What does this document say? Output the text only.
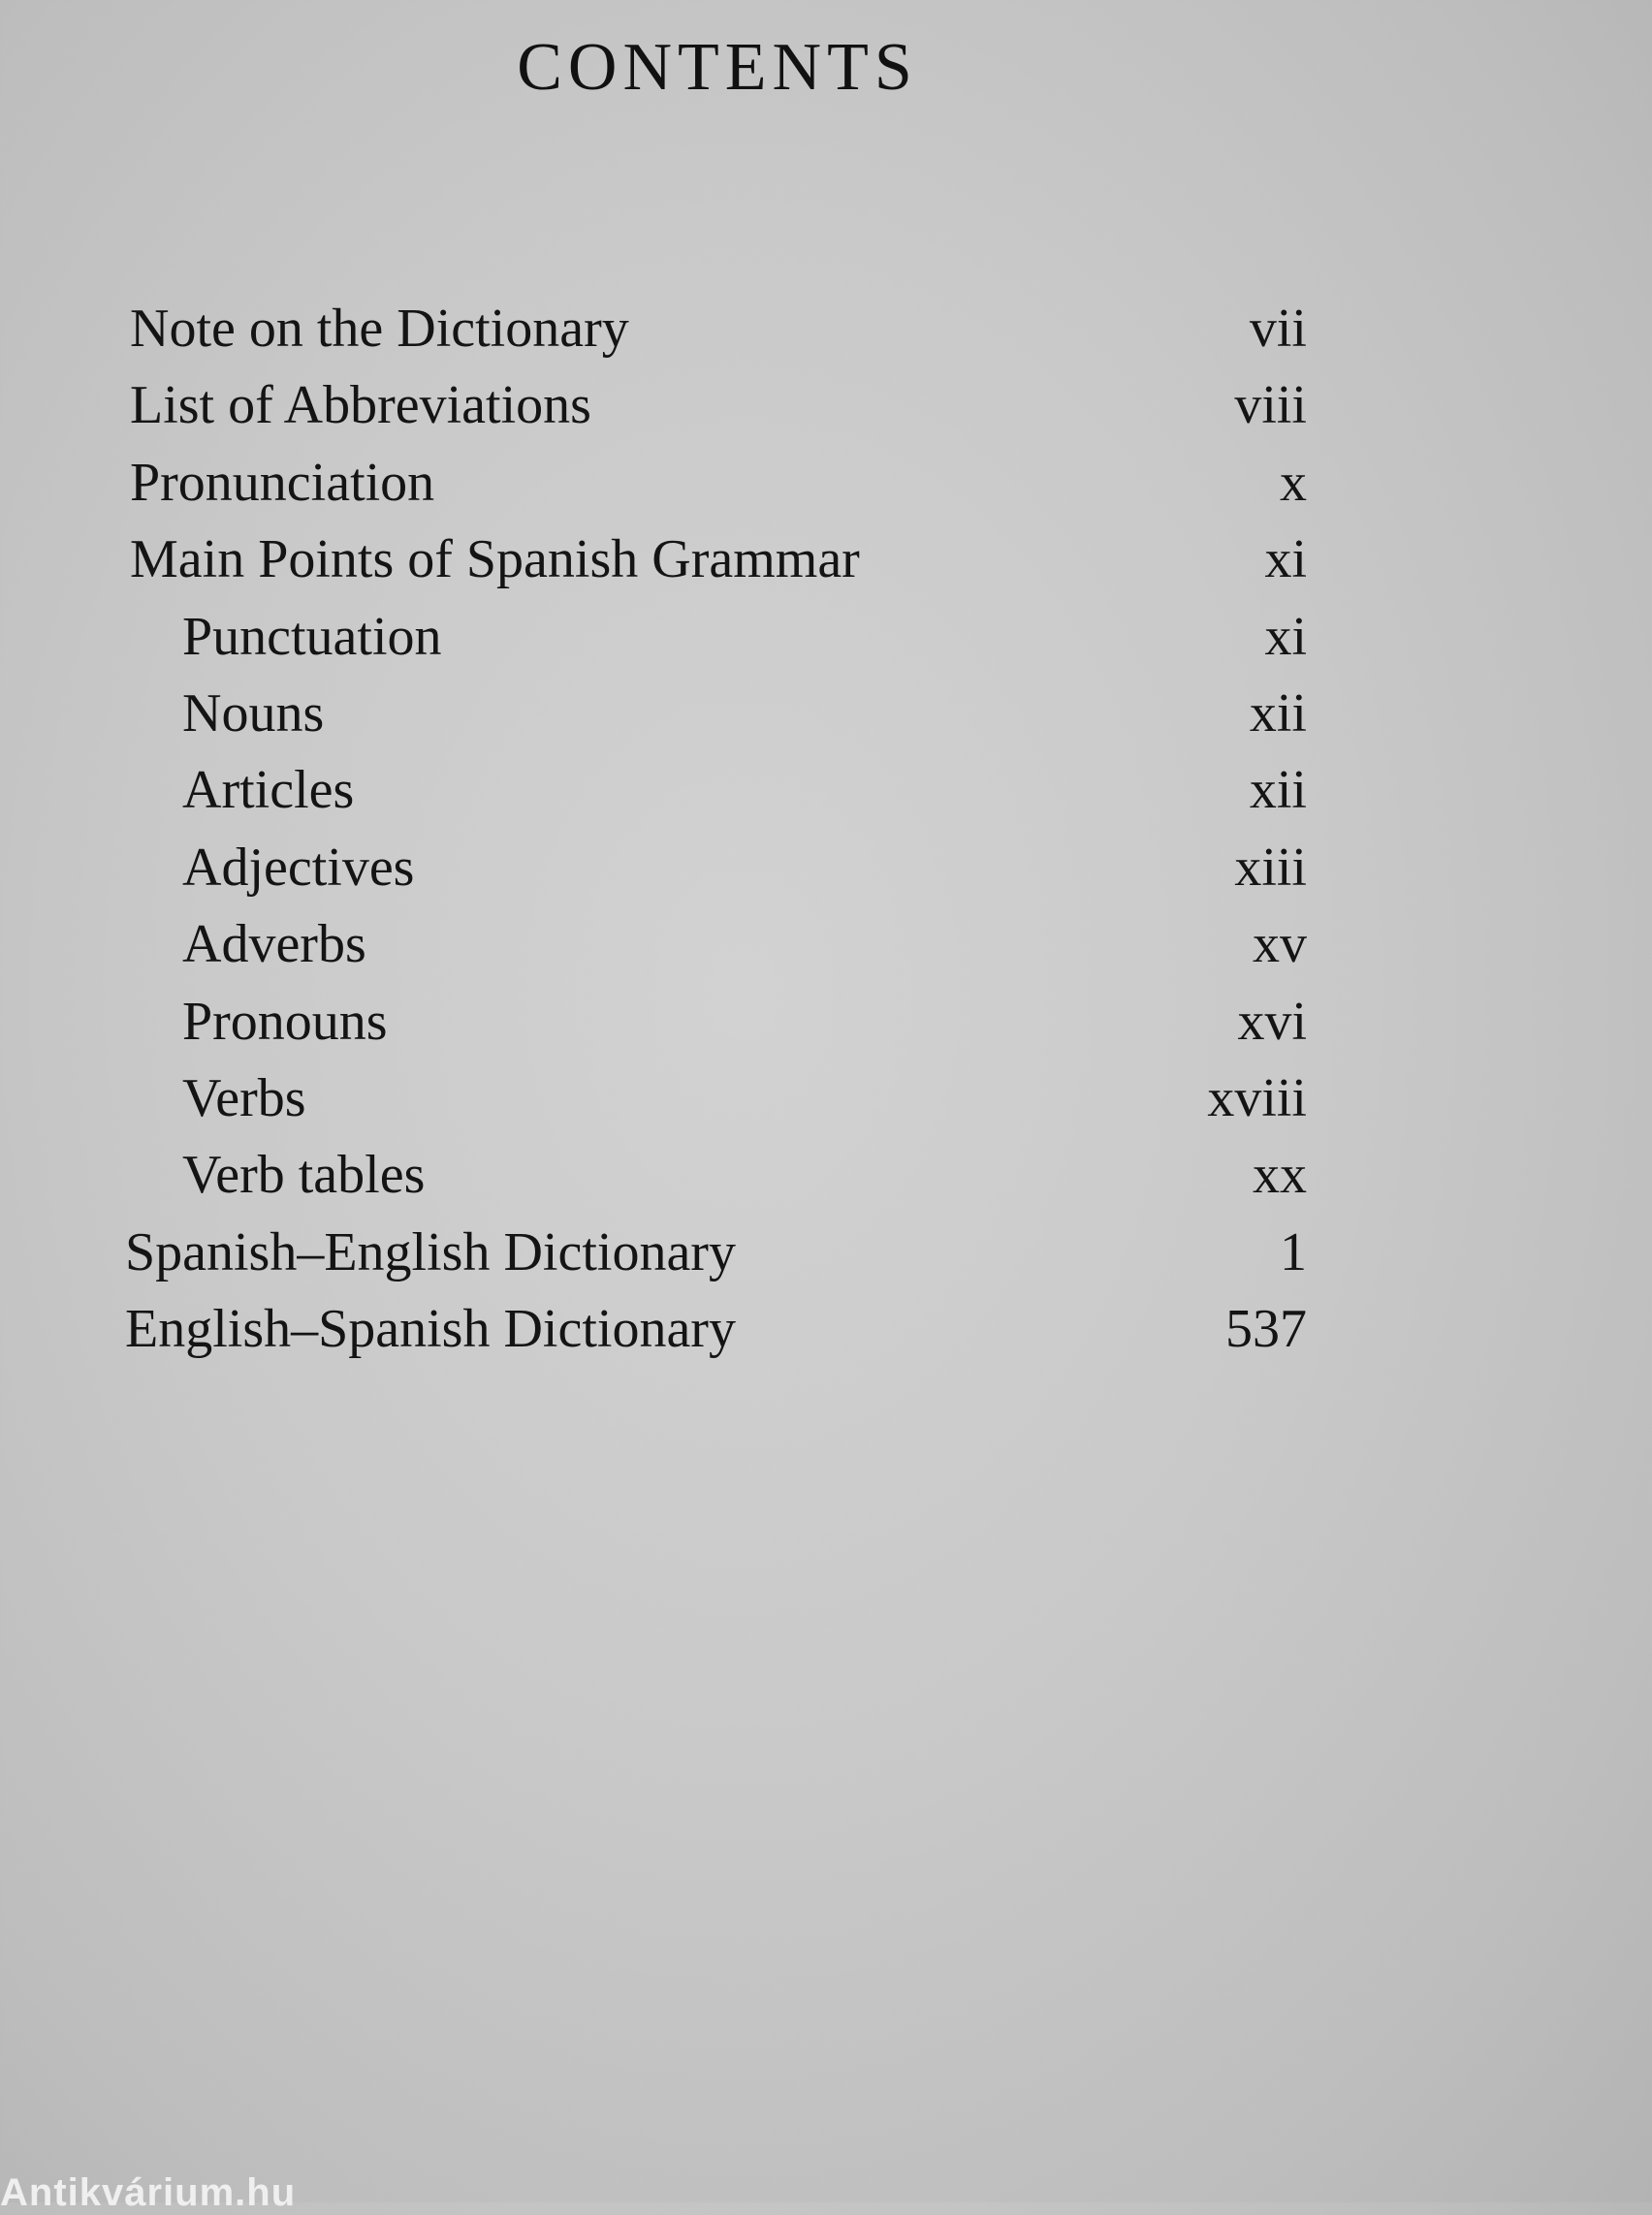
CONTENTS
Note on the Dictionary	vii
List of Abbreviations	viii
Pronunciation	x
Main Points of Spanish Grammar	xi
Punctuation	xi
Nouns	xii
Articles	xii
Adjectives	xiii
Adverbs	xv
Pronouns	xvi
Verbs	xviii
Verb tables	xx
Spanish–English Dictionary	1
English–Spanish Dictionary	537
Antikvárium.hu
